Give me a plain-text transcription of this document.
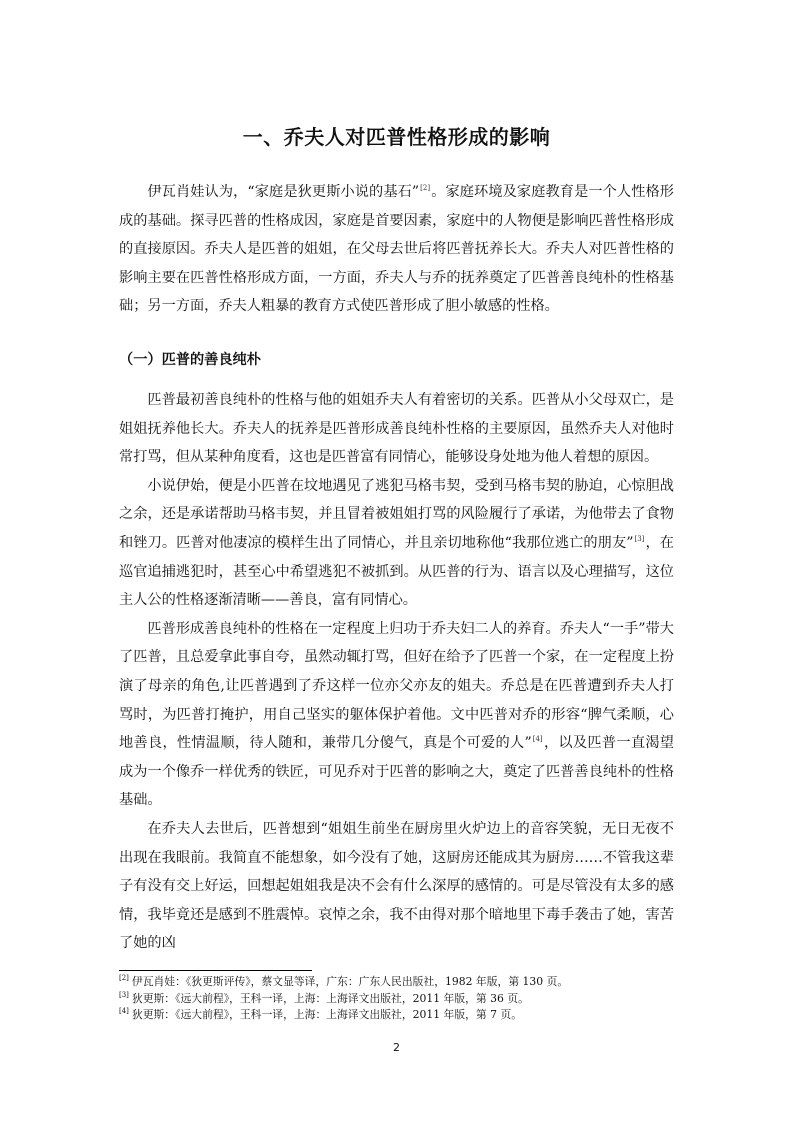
一、乔夫人对匹普性格形成的影响

伊瓦肖娃认为，“家庭是狄更斯小说的基石”[2]。家庭环境及家庭教育是一个人性格形成的基础。探寻匹普的性格成因，家庭是首要因素，家庭中的人物便是影响匹普性格形成的直接原因。乔夫人是匹普的姐姐，在父母去世后将匹普抚养长大。乔夫人对匹普性格的影响主要在匹普性格形成方面，一方面，乔夫人与乔的抚养奠定了匹普善良纯朴的性格基础；另一方面，乔夫人粗暴的教育方式使匹普形成了胆小敏感的性格。

（一）匹普的善良纯朴

匹普最初善良纯朴的性格与他的姐姐乔夫人有着密切的关系。匹普从小父母双亡，是姐姐抚养他长大。乔夫人的抚养是匹普形成善良纯朴性格的主要原因，虽然乔夫人对他时常打骂，但从某种角度看，这也是匹普富有同情心，能够设身处地为他人着想的原因。

小说伊始，便是小匹普在坟地遇见了逃犯马格韦契，受到马格韦契的胁迫，心惊胆战之余，还是承诺帮助马格韦契，并且冒着被姐姐打骂的风险履行了承诺，为他带去了食物和锉刀。匹普对他凄凉的模样生出了同情心，并且亲切地称他“我那位逃亡的朋友”[3]，在巡官追捕逃犯时，甚至心中希望逃犯不被抓到。从匹普的行为、语言以及心理描写，这位主人公的性格逐渐清晰——善良，富有同情心。

匹普形成善良纯朴的性格在一定程度上归功于乔夫妇二人的养育。乔夫人“一手”带大了匹普，且总爱拿此事自夸，虽然动辄打骂，但好在给予了匹普一个家，在一定程度上扮演了母亲的角色,让匹普遇到了乔这样一位亦父亦友的姐夫。乔总是在匹普遭到乔夫人打骂时，为匹普打掩护，用自己坚实的躯体保护着他。文中匹普对乔的形容“脾气柔顺，心地善良，性情温顺，待人随和，兼带几分傻气，真是个可爱的人”[4]，以及匹普一直渴望成为一个像乔一样优秀的铁匠，可见乔对于匹普的影响之大，奠定了匹普善良纯朴的性格基础。

在乔夫人去世后，匹普想到“姐姐生前坐在厨房里火炉边上的音容笑貌，无日无夜不出现在我眼前。我简直不能想象，如今没有了她，这厨房还能成其为厨房……不管我这辈子有没有交上好运，回想起姐姐我是决不会有什么深厚的感情的。可是尽管没有太多的感情，我毕竟还是感到不胜震悼。哀悼之余，我不由得对那个暗地里下毒手袭击了她，害苦了她的凶

[2] 伊瓦肖娃：《狄更斯评传》，蔡文显等译，广东：广东人民出版社，1982 年版，第 130 页。
[3] 狄更斯：《远大前程》，王科一译，上海：上海译文出版社，2011 年版，第 36 页。
[4] 狄更斯：《远大前程》，王科一译，上海：上海译文出版社，2011 年版，第 7 页。
2
